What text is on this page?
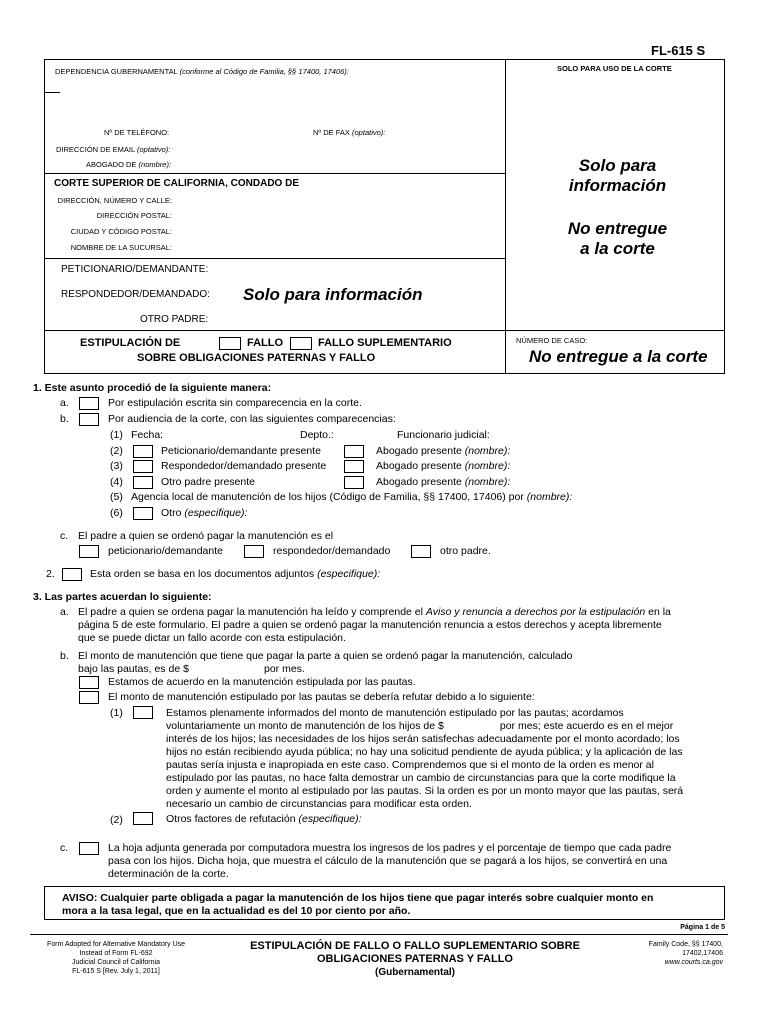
FL-615 S
DEPENDENCIA GUBERNAMENTAL (conforme al Código de Familia, §§ 17400, 17406):	SOLO PARA USO DE LA CORTE
Nº DE TELÉFONO:	Nº DE FAX (optativo):
DIRECCIÓN DE EMAIL (optativo):
ABOGADO DE (nombre):
CORTE SUPERIOR DE CALIFORNIA, CONDADO DE
DIRECCIÓN, NÚMERO Y CALLE:
DIRECCIÓN POSTAL:
CIUDAD Y CÓDIGO POSTAL:
NOMBRE DE LA SUCURSAL:
Solo para
información
No entregue
a la corte
PETICIONARIO/DEMANDANTE:
RESPONDEDOR/DEMANDADO: Solo para información
OTRO PADRE:
ESTIPULACIÓN DE	FALLO	FALLO SUPLEMENTARIO
SOBRE OBLIGACIONES PATERNAS Y FALLO
NÚMERO DE CASO:
No entregue a la corte
1. Este asunto procedió de la siguiente manera:
a.	Por estipulación escrita sin comparecencia en la corte.
b.	Por audiencia de la corte, con las siguientes comparecencias:
(1) Fecha:	Depto.:	Funcionario judicial:
(2)	Peticionario/demandante presente	Abogado presente (nombre):
(3)	Respondedor/demandado presente	Abogado presente (nombre):
(4)	Otro padre presente	Abogado presente (nombre):
(5) Agencia local de manutención de los hijos (Código de Familia, §§ 17400, 17406) por (nombre):
(6)	Otro (especifique):
c. El padre a quien se ordenó pagar la manutención es el
peticionario/demandante	respondedor/demandado	otro padre.
2.	Esta orden se basa en los documentos adjuntos (especifique):
3. Las partes acuerdan lo siguiente:
a. El padre a quien se ordena pagar la manutención ha leído y comprende el Aviso y renuncia a derechos por la estipulación en la
página 5 de este formulario. El padre a quien se ordenó pagar la manutención renuncia a estos derechos y acepta libremente
que se puede dictar un fallo acorde con esta estipulación.
b. El monto de manutención que tiene que pagar la parte a quien se ordenó pagar la manutención, calculado
bajo las pautas, es de $	por mes.
Estamos de acuerdo en la manutención estipulada por las pautas.
El monto de manutención estipulado por las pautas se debería refutar debido a lo siguiente:
(1)	Estamos plenamente informados del monto de manutención estipulado por las pautas; acordamos
voluntariamente un monto de manutención de los hijos de $	por mes; este acuerdo es en el mejor
interés de los hijos; las necesidades de los hijos serán satisfechas adecuadamente por el monto acordado; los
hijos no están recibiendo ayuda pública; no hay una solicitud pendiente de ayuda pública; y la aplicación de las
pautas sería injusta e inapropiada en este caso. Comprendemos que si el monto de la orden es menor al
estipulado por las pautas, no hace falta demostrar un cambio de circunstancias para que la corte modifique la
orden y aumente el monto al estipulado por las pautas. Si la orden es por un monto mayor que las pautas, será
necesario un cambio de circunstancias para modificar esta orden.
(2)	Otros factores de refutación (especifique):
c.	La hoja adjunta generada por computadora muestra los ingresos de los padres y el porcentaje de tiempo que cada padre
pasa con los hijos. Dicha hoja, que muestra el cálculo de la manutención que se pagará a los hijos, se convertirá en una
determinación de la corte.
AVISO: Cualquier parte obligada a pagar la manutención de los hijos tiene que pagar interés sobre cualquier monto en
mora a la tasa legal, que en la actualidad es del 10 por ciento por año.
Página 1 de 5
Form Adopted for Alternative Mandatory Use
Instead of Form FL-692
Judicial Council of California
FL-615 S [Rev. July 1, 2011]
ESTIPULACIÓN DE FALLO O FALLO SUPLEMENTARIO SOBRE
OBLIGACIONES PATERNAS Y FALLO
(Gubernamental)
Family Code, §§ 17400,
17402,17406
www.courts.ca.gov
